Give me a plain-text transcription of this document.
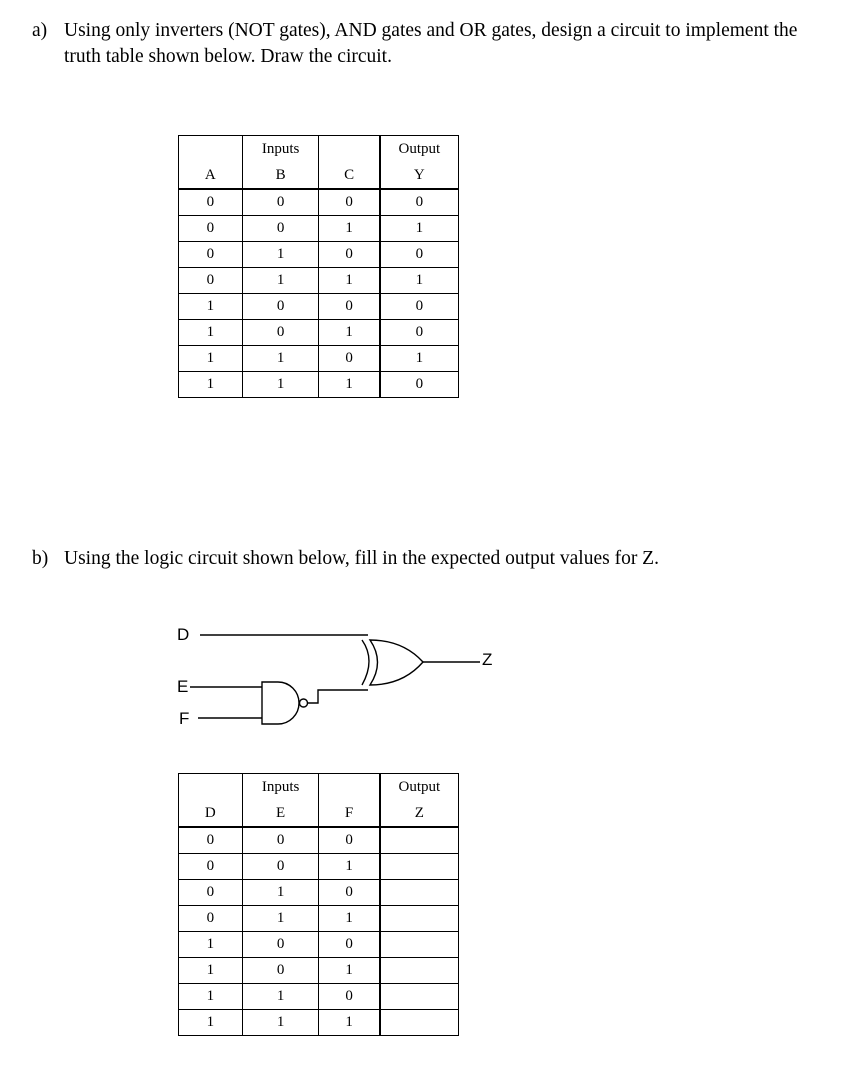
a) Using only inverters (NOT gates), AND gates and OR gates, design a circuit to implement the
truth table shown below. Draw the circuit.
	Inputs		Output
A	B	C	Y
0	0	0	0
0	0	1	1
0	1	0	0
0	1	1	1
1	0	0	0
1	0	1	0
1	1	0	1
1	1	1	0
b) Using the logic circuit shown below, fill in the expected output values for Z.
D
E
F
Z
	Inputs		Output
D	E	F	Z
0	0	0	
0	0	1	
0	1	0	
0	1	1	
1	0	0	
1	0	1	
1	1	0	
1	1	1	
